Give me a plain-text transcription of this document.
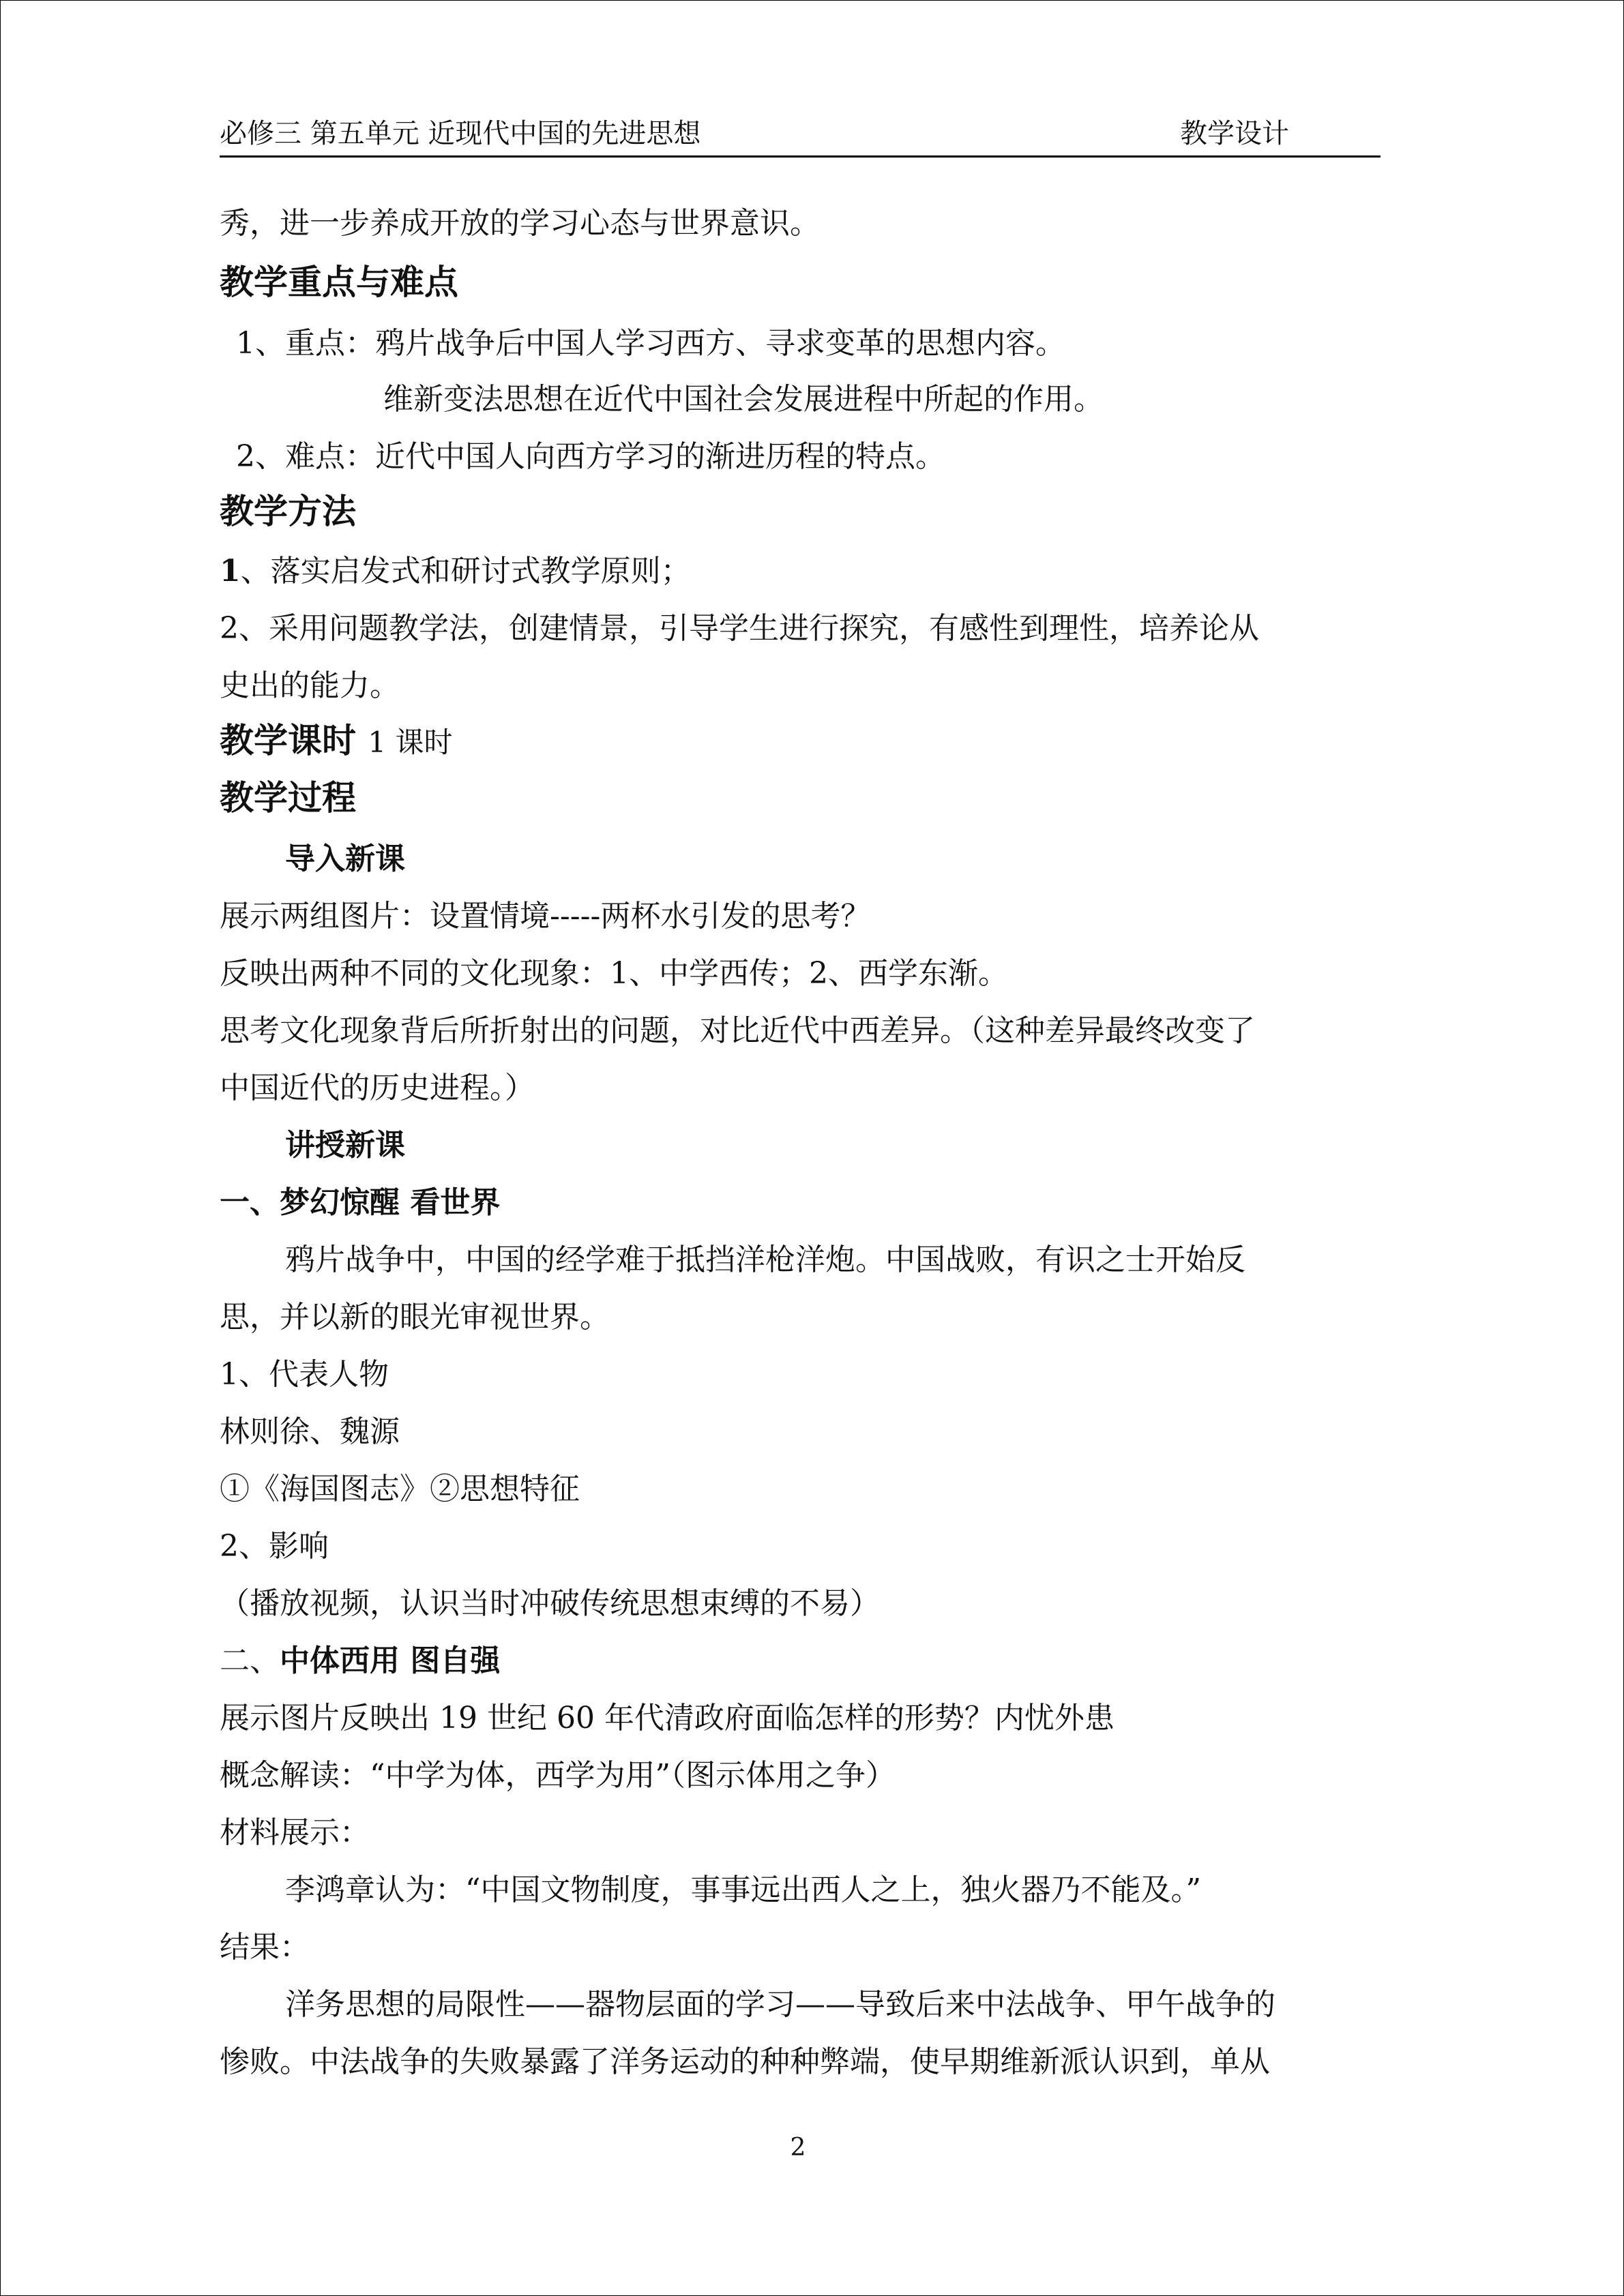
必修三 第五单元 近现代中国的先进思想	教学设计
秀，进一步养成开放的学习心态与世界意识。
教学重点与难点
1、重点：鸦片战争后中国人学习西方、寻求变革的思想内容。
维新变法思想在近代中国社会发展进程中所起的作用。
2、难点：近代中国人向西方学习的渐进历程的特点。
教学方法
1、落实启发式和研讨式教学原则；
2、采用问题教学法，创建情景，引导学生进行探究，有感性到理性，培养论从
史出的能力。
教学课时 1 课时
教学过程
导入新课
展示两组图片：设置情境-----两杯水引发的思考？
反映出两种不同的文化现象：1、中学西传；2、西学东渐。
思考文化现象背后所折射出的问题，对比近代中西差异。（这种差异最终改变了
中国近代的历史进程。）
讲授新课
一、梦幻惊醒 看世界
鸦片战争中，中国的经学难于抵挡洋枪洋炮。中国战败，有识之士开始反
思，并以新的眼光审视世界。
1、代表人物
林则徐、魏源
①《海国图志》②思想特征
2、影响
（播放视频，认识当时冲破传统思想束缚的不易）
二、中体西用 图自强
展示图片反映出 19 世纪 60 年代清政府面临怎样的形势？内忧外患
概念解读：“中学为体，西学为用”（图示体用之争）
材料展示：
李鸿章认为：“中国文物制度，事事远出西人之上，独火器乃不能及。”
结果：
洋务思想的局限性——器物层面的学习——导致后来中法战争、甲午战争的
惨败。中法战争的失败暴露了洋务运动的种种弊端，使早期维新派认识到，单从
2
